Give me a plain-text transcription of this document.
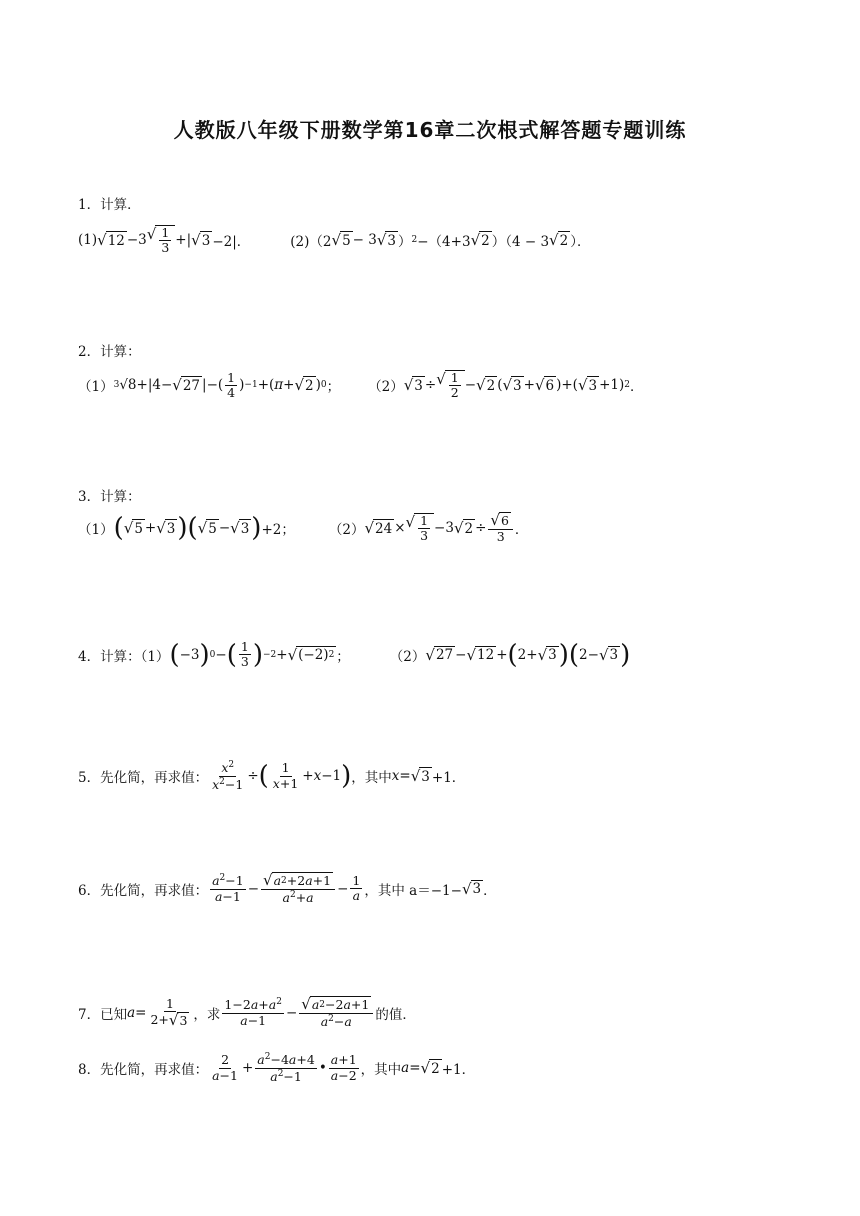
人教版八年级下册数学第16章二次根式解答题专题训练
1．计算．
(1) √ 12 −3 √ $\frac{1}{3}$ +| √ 3 −2|．	(2)（2 √ 5 − 3 √ 3 ） 2 −（4+3 √ 2 ）（4 − 3 √ 2 ）．
2．计算：
（1） 3 √8+|4− √ 27 |−( $\frac{1}{4}$ ) −1 +( π + √ 2 ) 0 ；
（2） √ 3 ÷ √ $\frac{1}{2}$ − √ 2 ( √ 3 + √ 6 )+( √ 3 +1) 2 ．
3．计算：
（1） ( √ 5 + √ 3 )( √ 5 − √ 3 ) +2；	（2） √ 24 × √ $\frac{1}{3} -3$ √ $2 \div \frac{√ 6}{3}$ ．
4．计算：（1） ( −3 ) 0 − ( $\frac{1}{3}$ ) −2 + √ (−2) 2 ；	（2） √ 27 − √ 12 + ( 2+ √ 3 )( 2− √ 3 )
5．先化简，再求值： $\frac{x^2}{x^2-1}$ ÷ ( $\frac{1}{x+1} + x -1$ ) ，其中 x = √ 3 +1．
6．先化简，再求值： $\frac{a^2-1}{a-1} - \frac{√ a 2 +2 a +1}{a^2+a} - \frac{1}{a}$ ，其中 a＝−1− √ 3 ．
7．已知 $a = \frac{1}{2+ √ 3}$ ，求 $\frac{1-2a+a^2}{a-1} - \frac{√ a 2 -2 a +1}{a^2-a}$ 的值．
8．先化简，再求值： $\frac{2}{a-1} + \frac{a^2-4a+4}{a^2-1}$ • $\frac{a+1}{a-2}$ ，其中 a = √ 2 +1．
